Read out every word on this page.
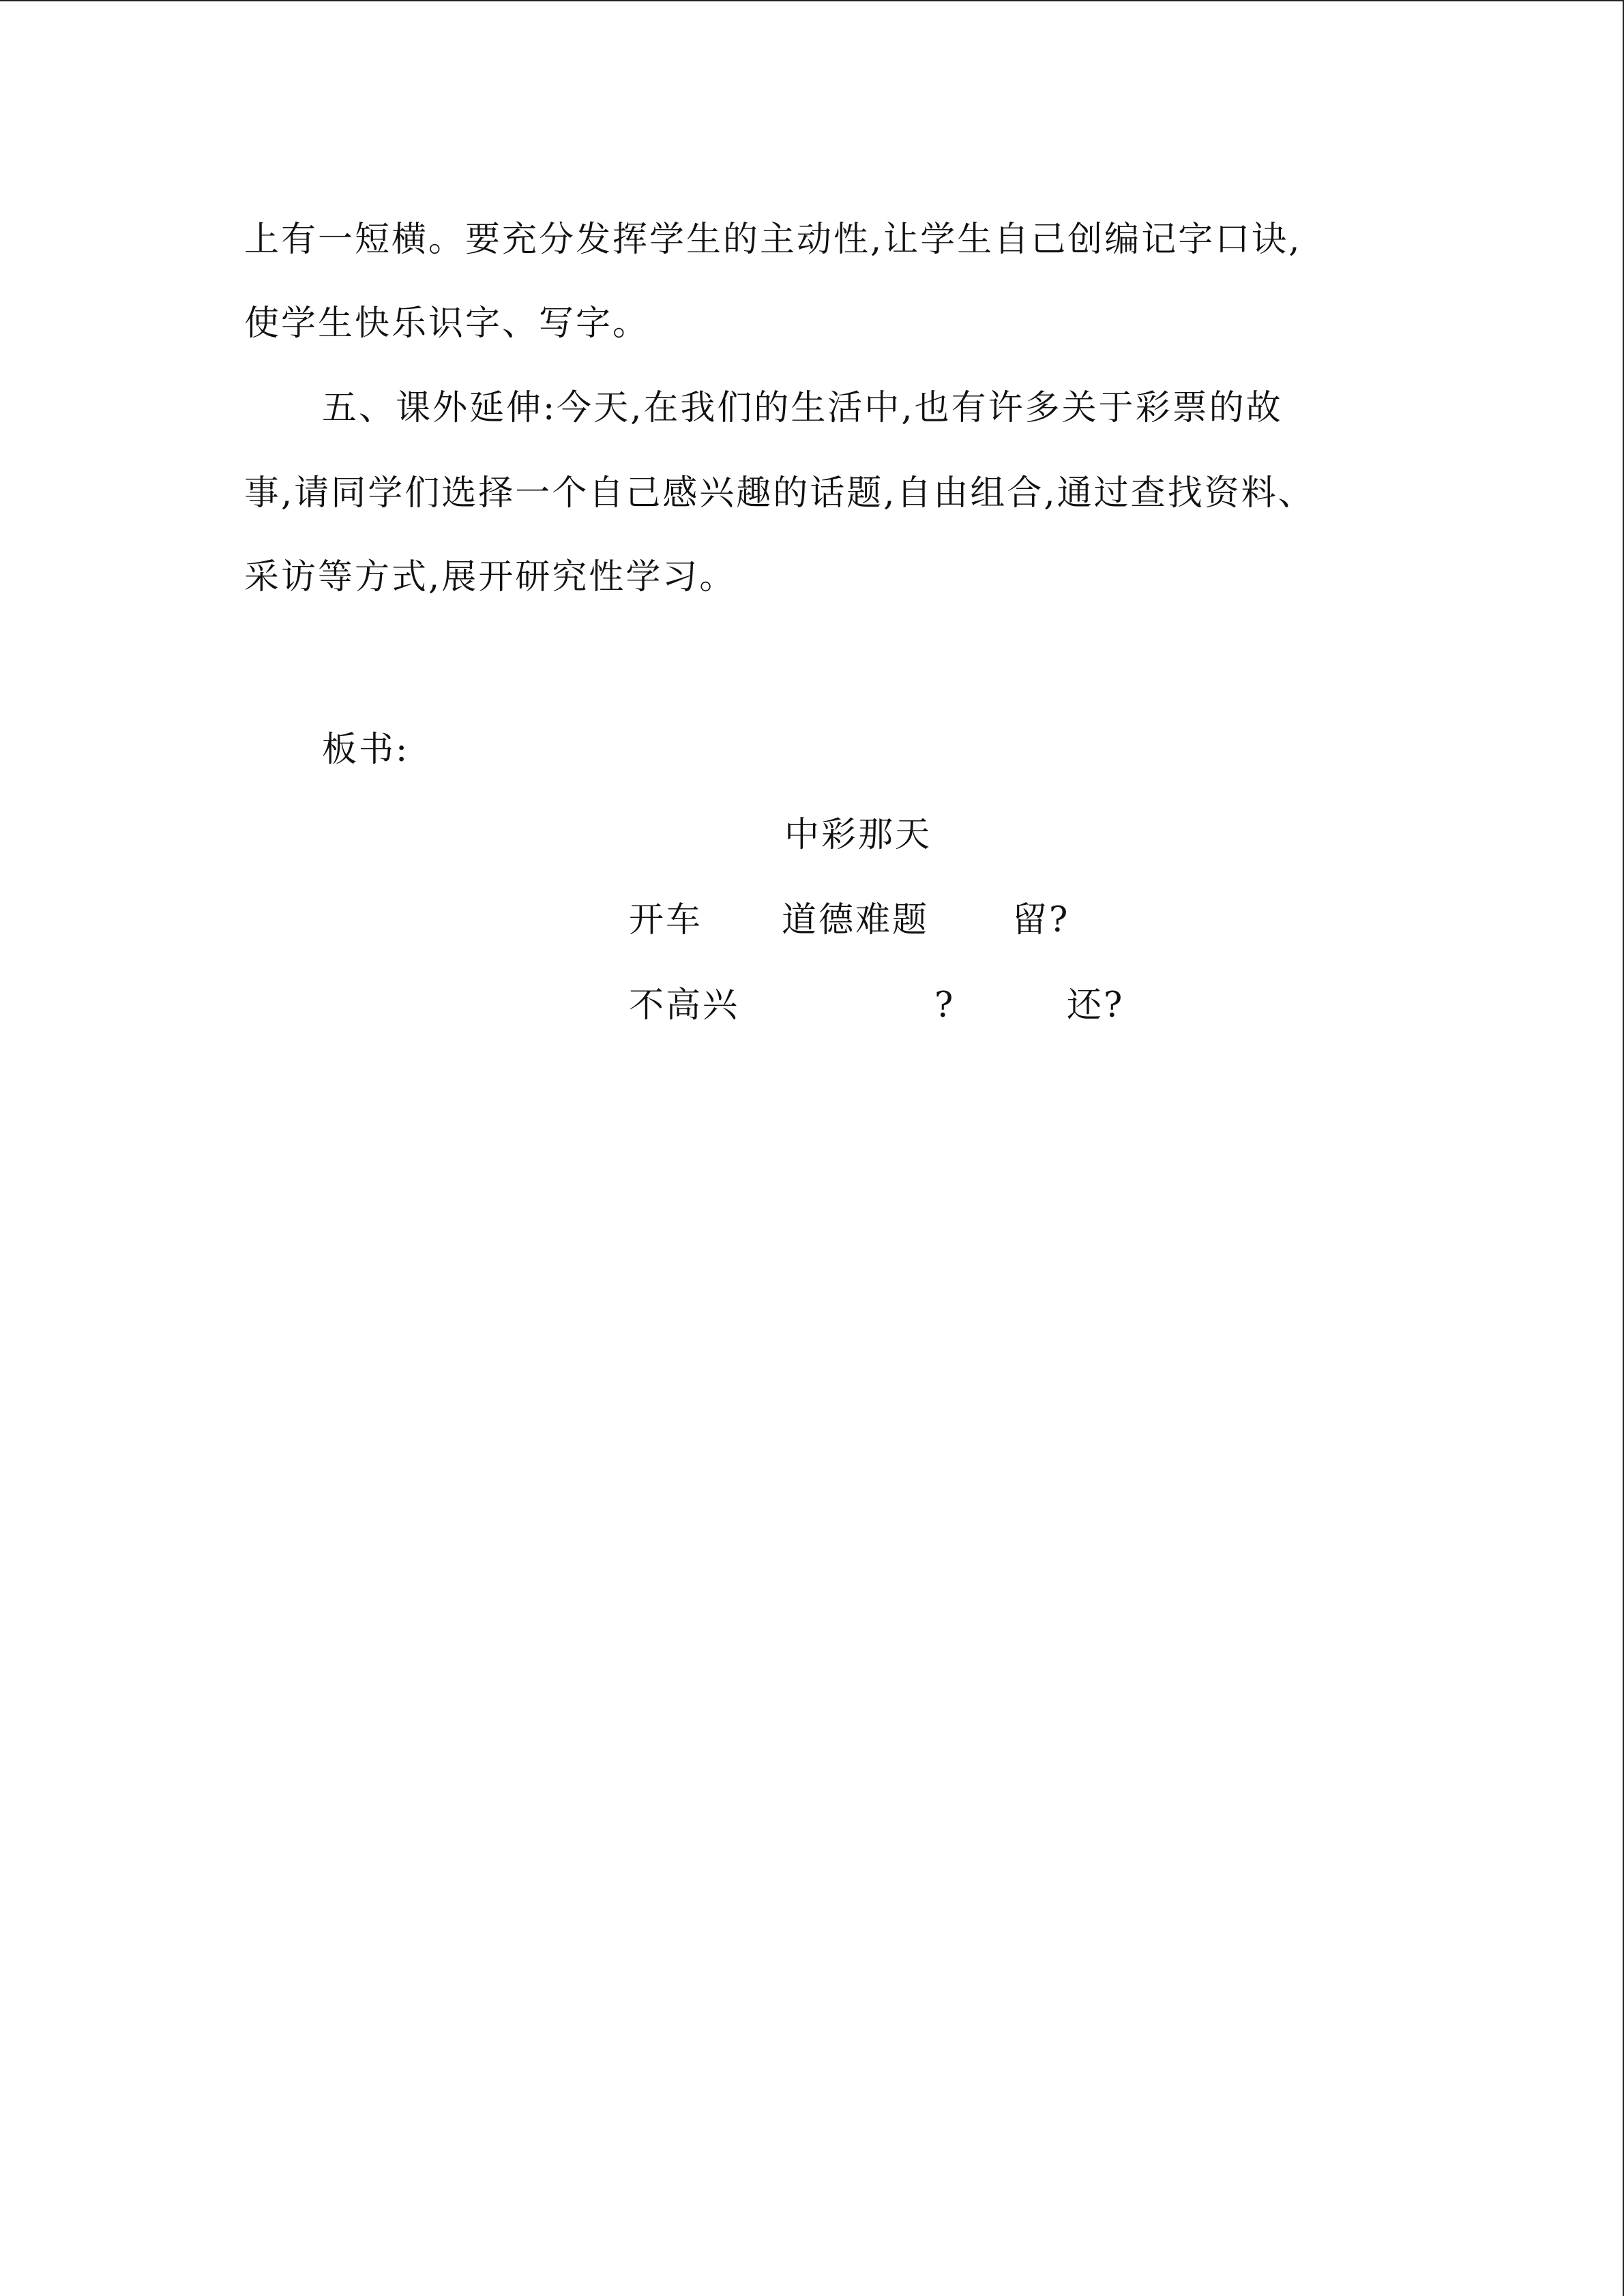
上有一短横。要充分发挥学生的主动性,让学生自己创编记字口诀,
使学生快乐识字、写字。
五、课外延伸:今天,在我们的生活中,也有许多关于彩票的故
事,请同学们选择一个自己感兴趣的话题,自由组合,通过查找资料、
采访等方式,展开研究性学习。
板书:
中彩那天
开车 道德难题 留?
不高兴	?	还?
